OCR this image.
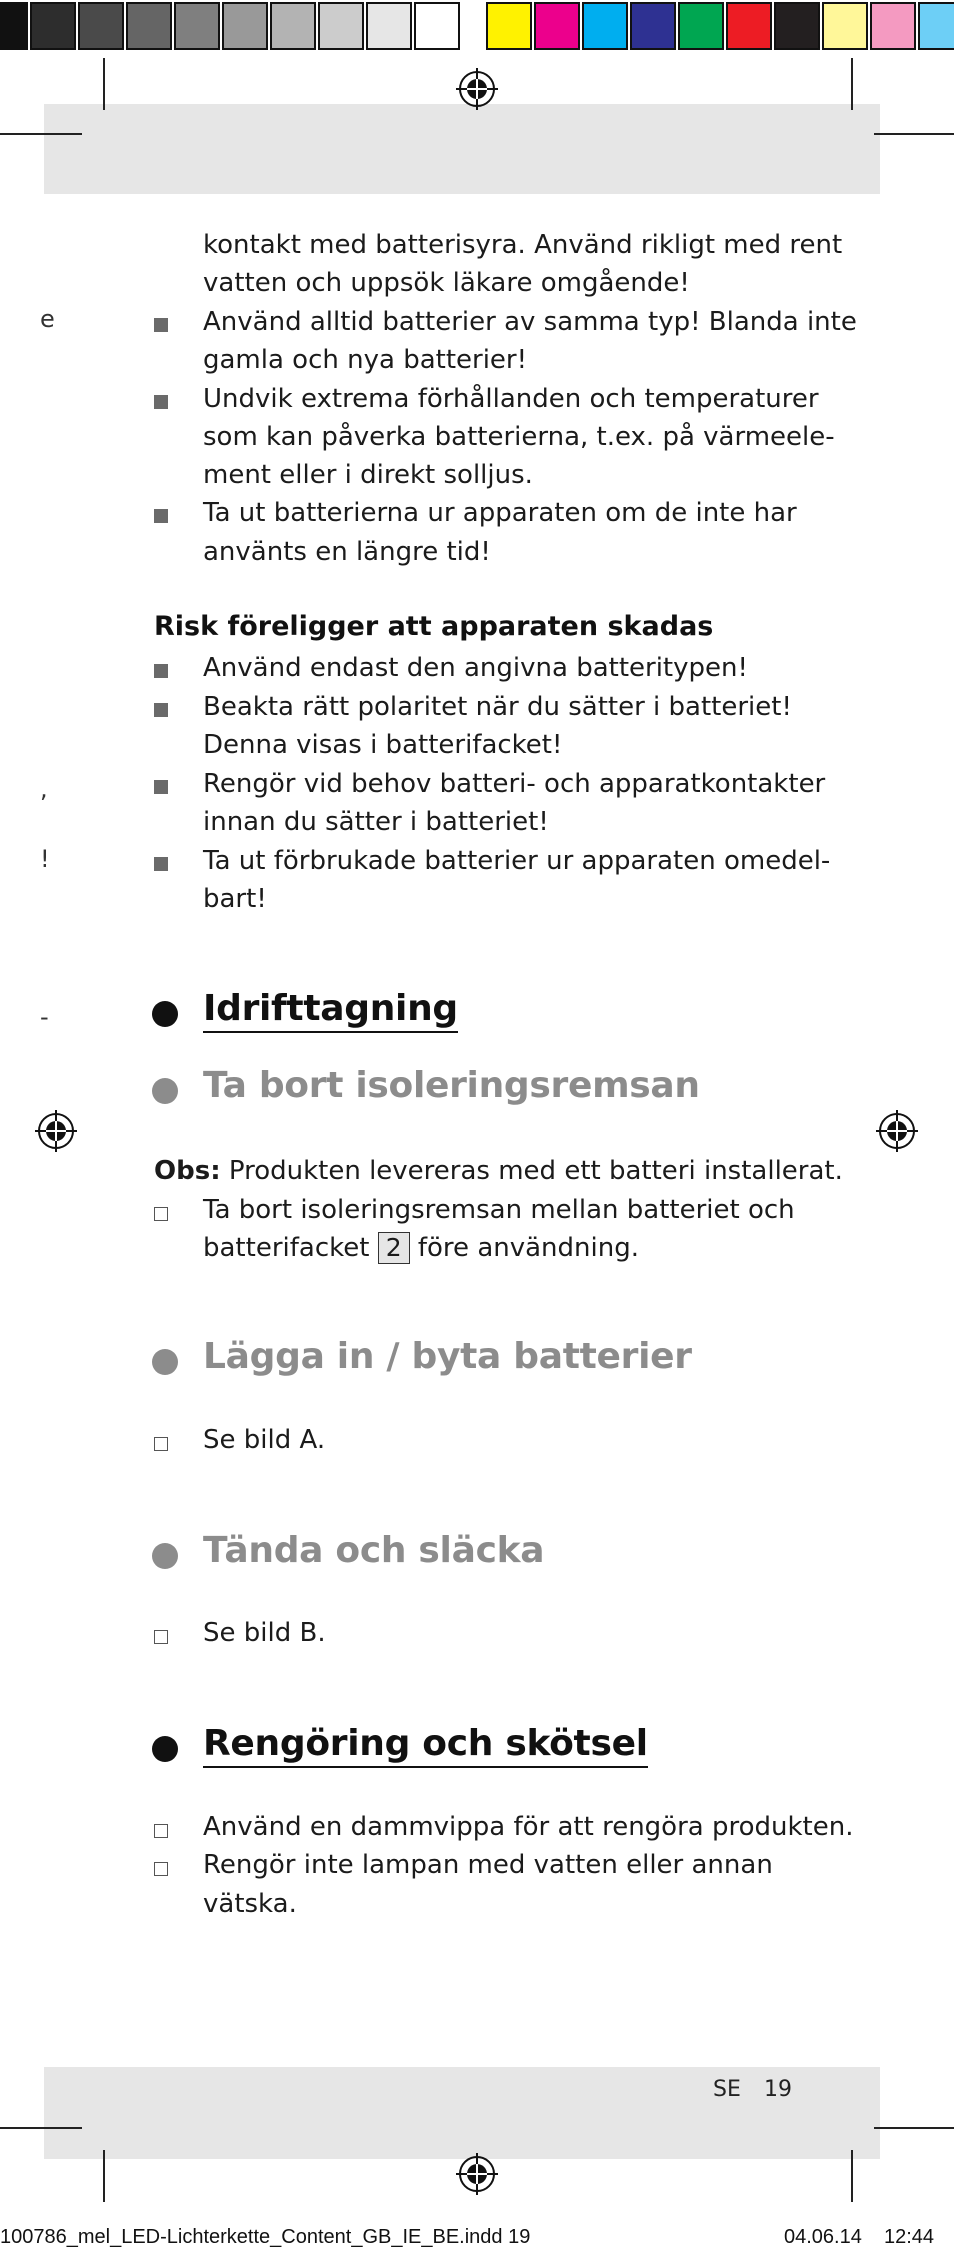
e
,
!
-
kontakt med batterisyra. Använd rikligt med rent
vatten och uppsök läkare omgående!
Använd alltid batterier av samma typ! Blanda inte
gamla och nya batterier!
Undvik extrema förhållanden och temperaturer
som kan påverka batterierna, t.ex. på värmeele-
ment eller i direkt solljus.
Ta ut batterierna ur apparaten om de inte har
använts en längre tid!
Risk föreligger att apparaten skadas
Använd endast den angivna batteritypen!
Beakta rätt polaritet när du sätter i batteriet!
Denna visas i batterifacket!
Rengör vid behov batteri- och apparatkontakter
innan du sätter i batteriet!
Ta ut förbrukade batterier ur apparaten omedel-
bart!
Idrifttagning
Ta bort isoleringsremsan
Obs: Produkten levereras med ett batteri installerat.
Ta bort isoleringsremsan mellan batteriet och
batterifacket 2 före användning.
Lägga in / byta batterier
Se bild A.
Tända och släcka
Se bild B.
Rengöring och skötsel
Använd en dammvippa för att rengöra produkten.
Rengör inte lampan med vatten eller annan
vätska.
SE 19
100786_mel_LED-Lichterkette_Content_GB_IE_BE.indd 19	04.06.14 12:44
